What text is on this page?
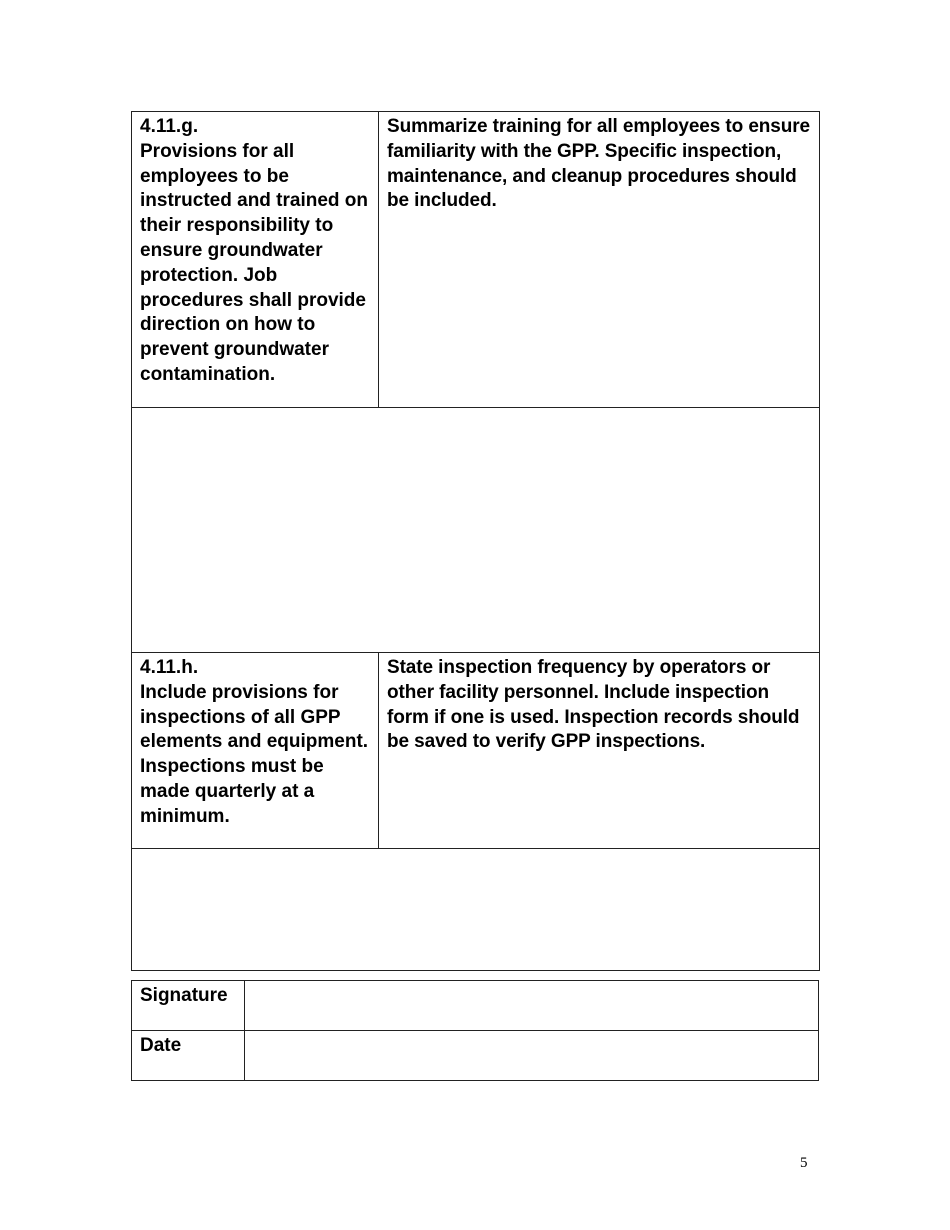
4.11.g.
Provisions for all employees to be instructed and trained on their responsibility to ensure groundwater protection. Job procedures shall provide direction on how to prevent groundwater contamination.	Summarize training for all employees to ensure familiarity with the GPP. Specific inspection, maintenance, and cleanup procedures should be included.

4.11.h.
Include provisions for inspections of all GPP elements and equipment. Inspections must be made quarterly at a minimum.	State inspection frequency by operators or other facility personnel. Include inspection form if one is used. Inspection records should be saved to verify GPP inspections.

Signature	
Date	
5
